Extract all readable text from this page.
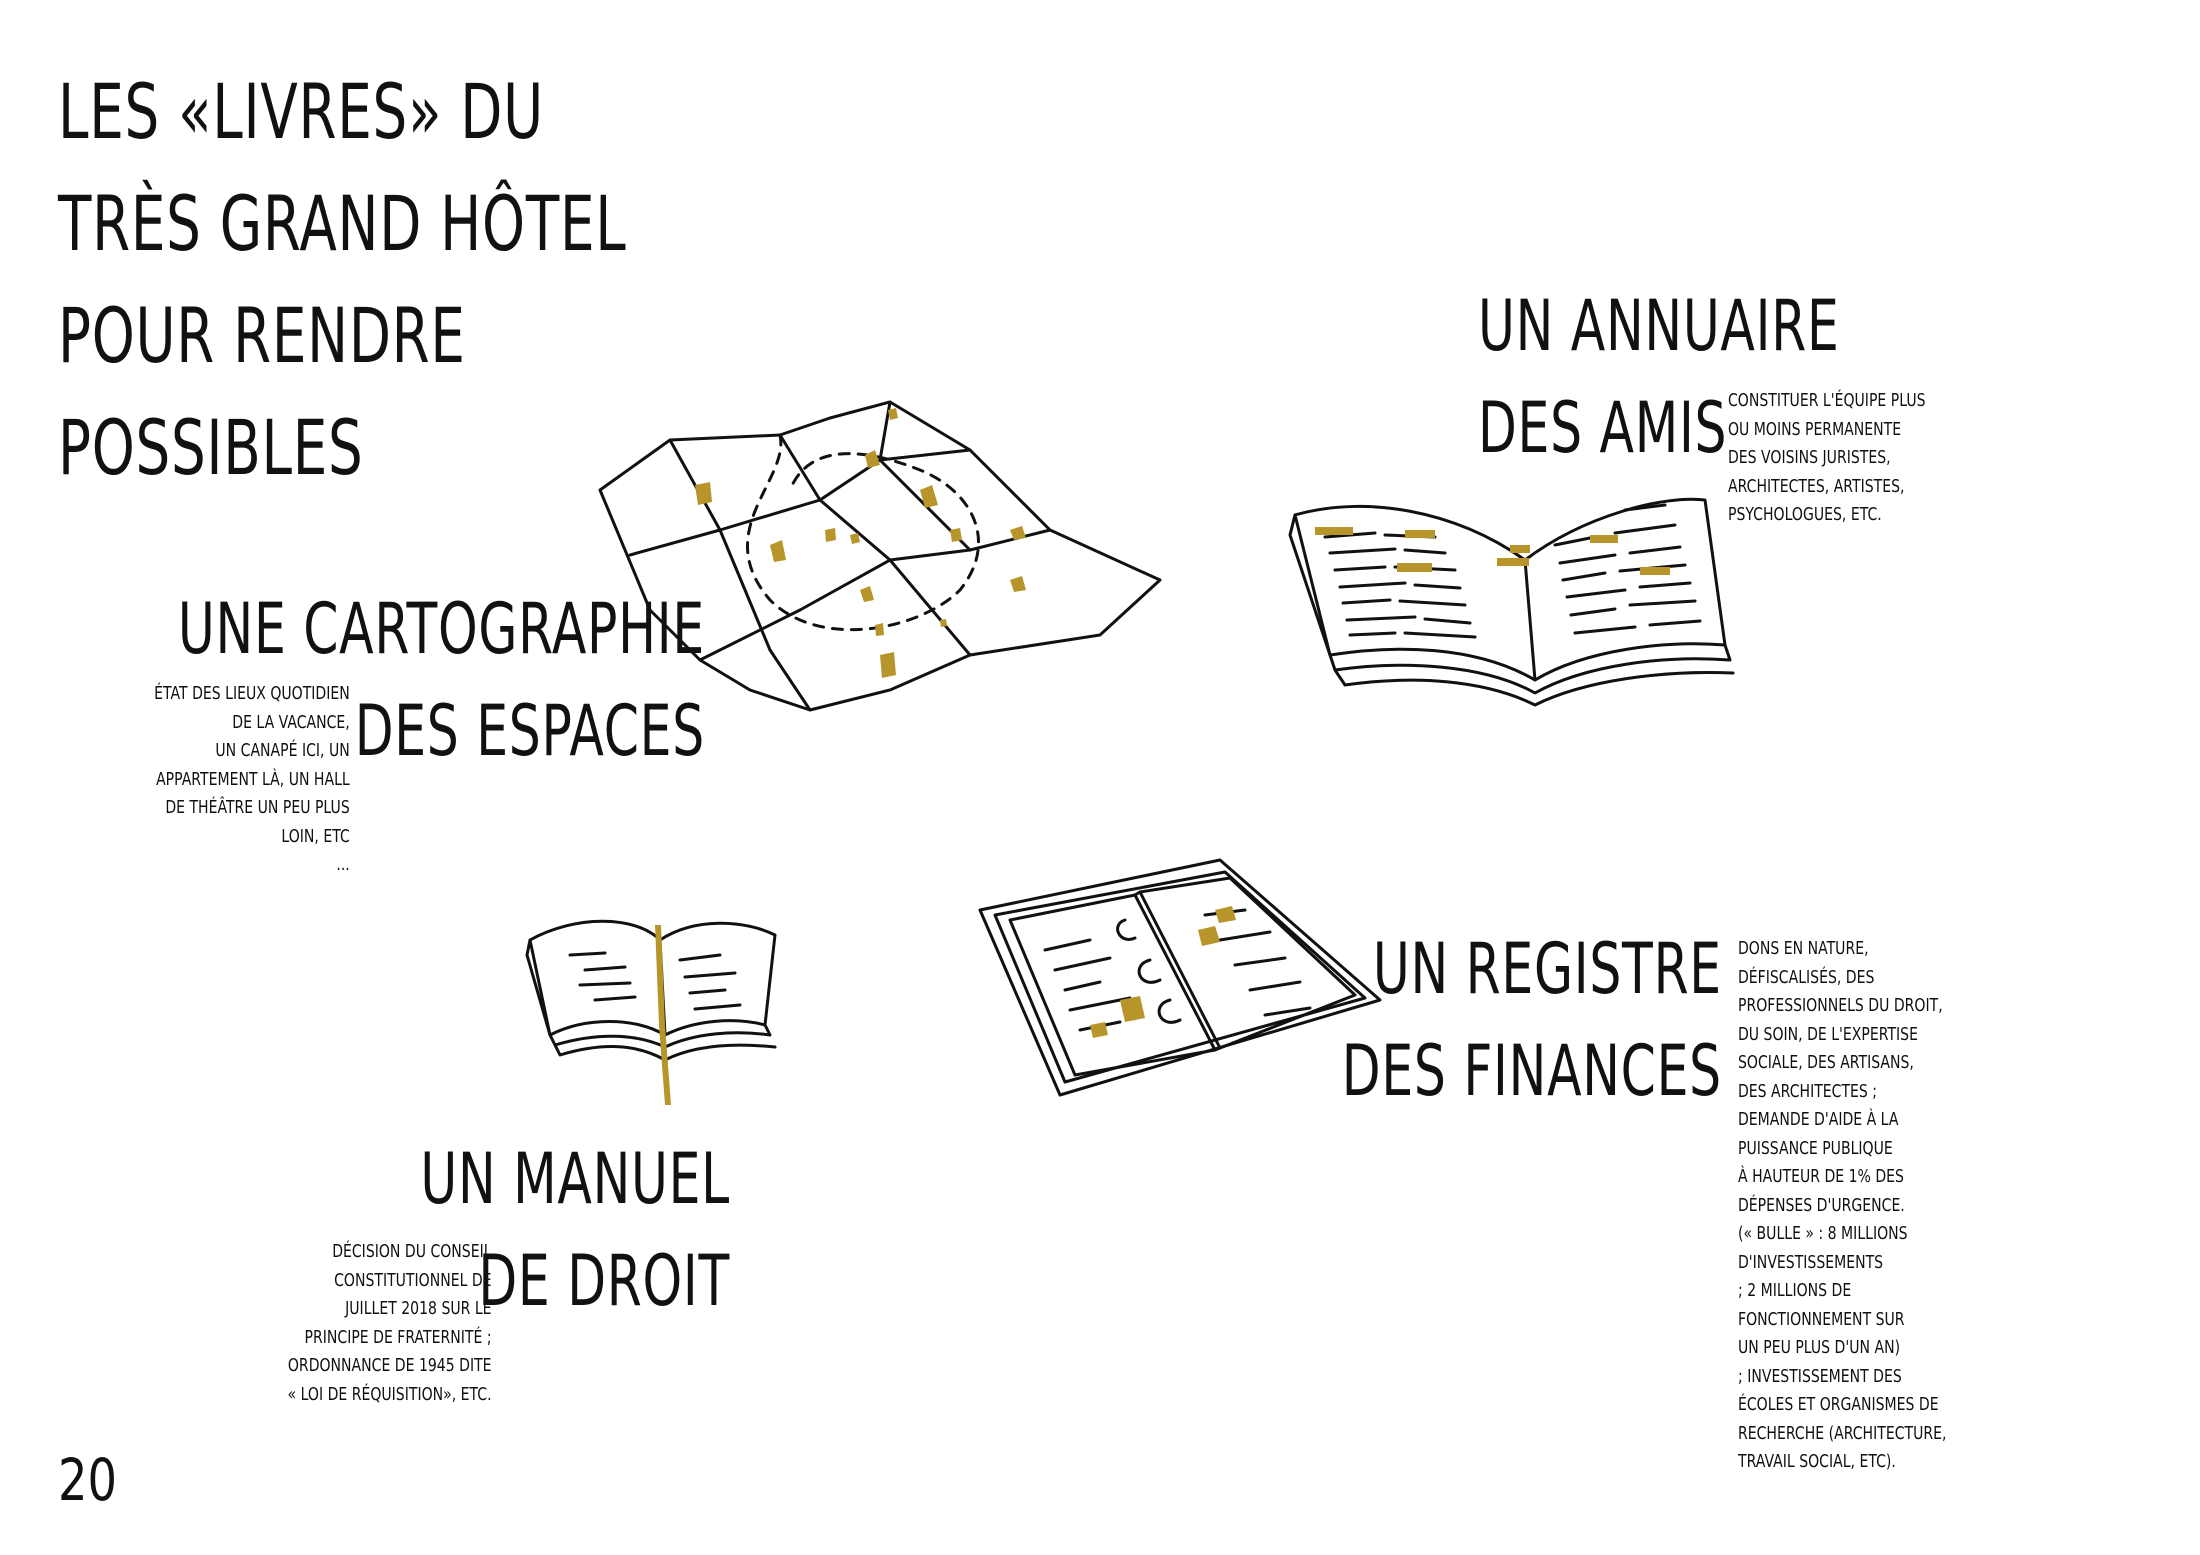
LES «LIVRES» DU
TRÈS GRAND HÔTEL
POUR RENDRE
POSSIBLES
UNE CARTOGRAPHIE
DES ESPACES
ÉTAT DES LIEUX QUOTIDIEN
DE LA VACANCE,
UN CANAPÉ ICI, UN
APPARTEMENT LÀ, UN HALL
DE THÉÂTRE UN PEU PLUS
LOIN, ETC
...
UN ANNUAIRE
DES AMIS CONSTITUER L'ÉQUIPE PLUS
OU MOINS PERMANENTE
DES VOISINS JURISTES,
ARCHITECTES, ARTISTES,
PSYCHOLOGUES, ETC.
UN MANUEL
DE DROIT
DÉCISION DU CONSEIL
CONSTITUTIONNEL DE
JUILLET 2018 SUR LE
PRINCIPE DE FRATERNITÉ ;
ORDONNANCE DE 1945 DITE
« LOI DE RÉQUISITION», ETC.
UN REGISTRE
DES FINANCES
DONS EN NATURE,
DÉFISCALISÉS, DES
PROFESSIONNELS DU DROIT,
DU SOIN, DE L'EXPERTISE
SOCIALE, DES ARTISANS,
DES ARCHITECTES ;
DEMANDE D'AIDE À LA
PUISSANCE PUBLIQUE
À HAUTEUR DE 1% DES
DÉPENSES D'URGENCE.
(« BULLE » : 8 MILLIONS
D'INVESTISSEMENTS
; 2 MILLIONS DE
FONCTIONNEMENT SUR
UN PEU PLUS D'UN AN)
; INVESTISSEMENT DES
ÉCOLES ET ORGANISMES DE
RECHERCHE (ARCHITECTURE,
TRAVAIL SOCIAL, ETC).
20
